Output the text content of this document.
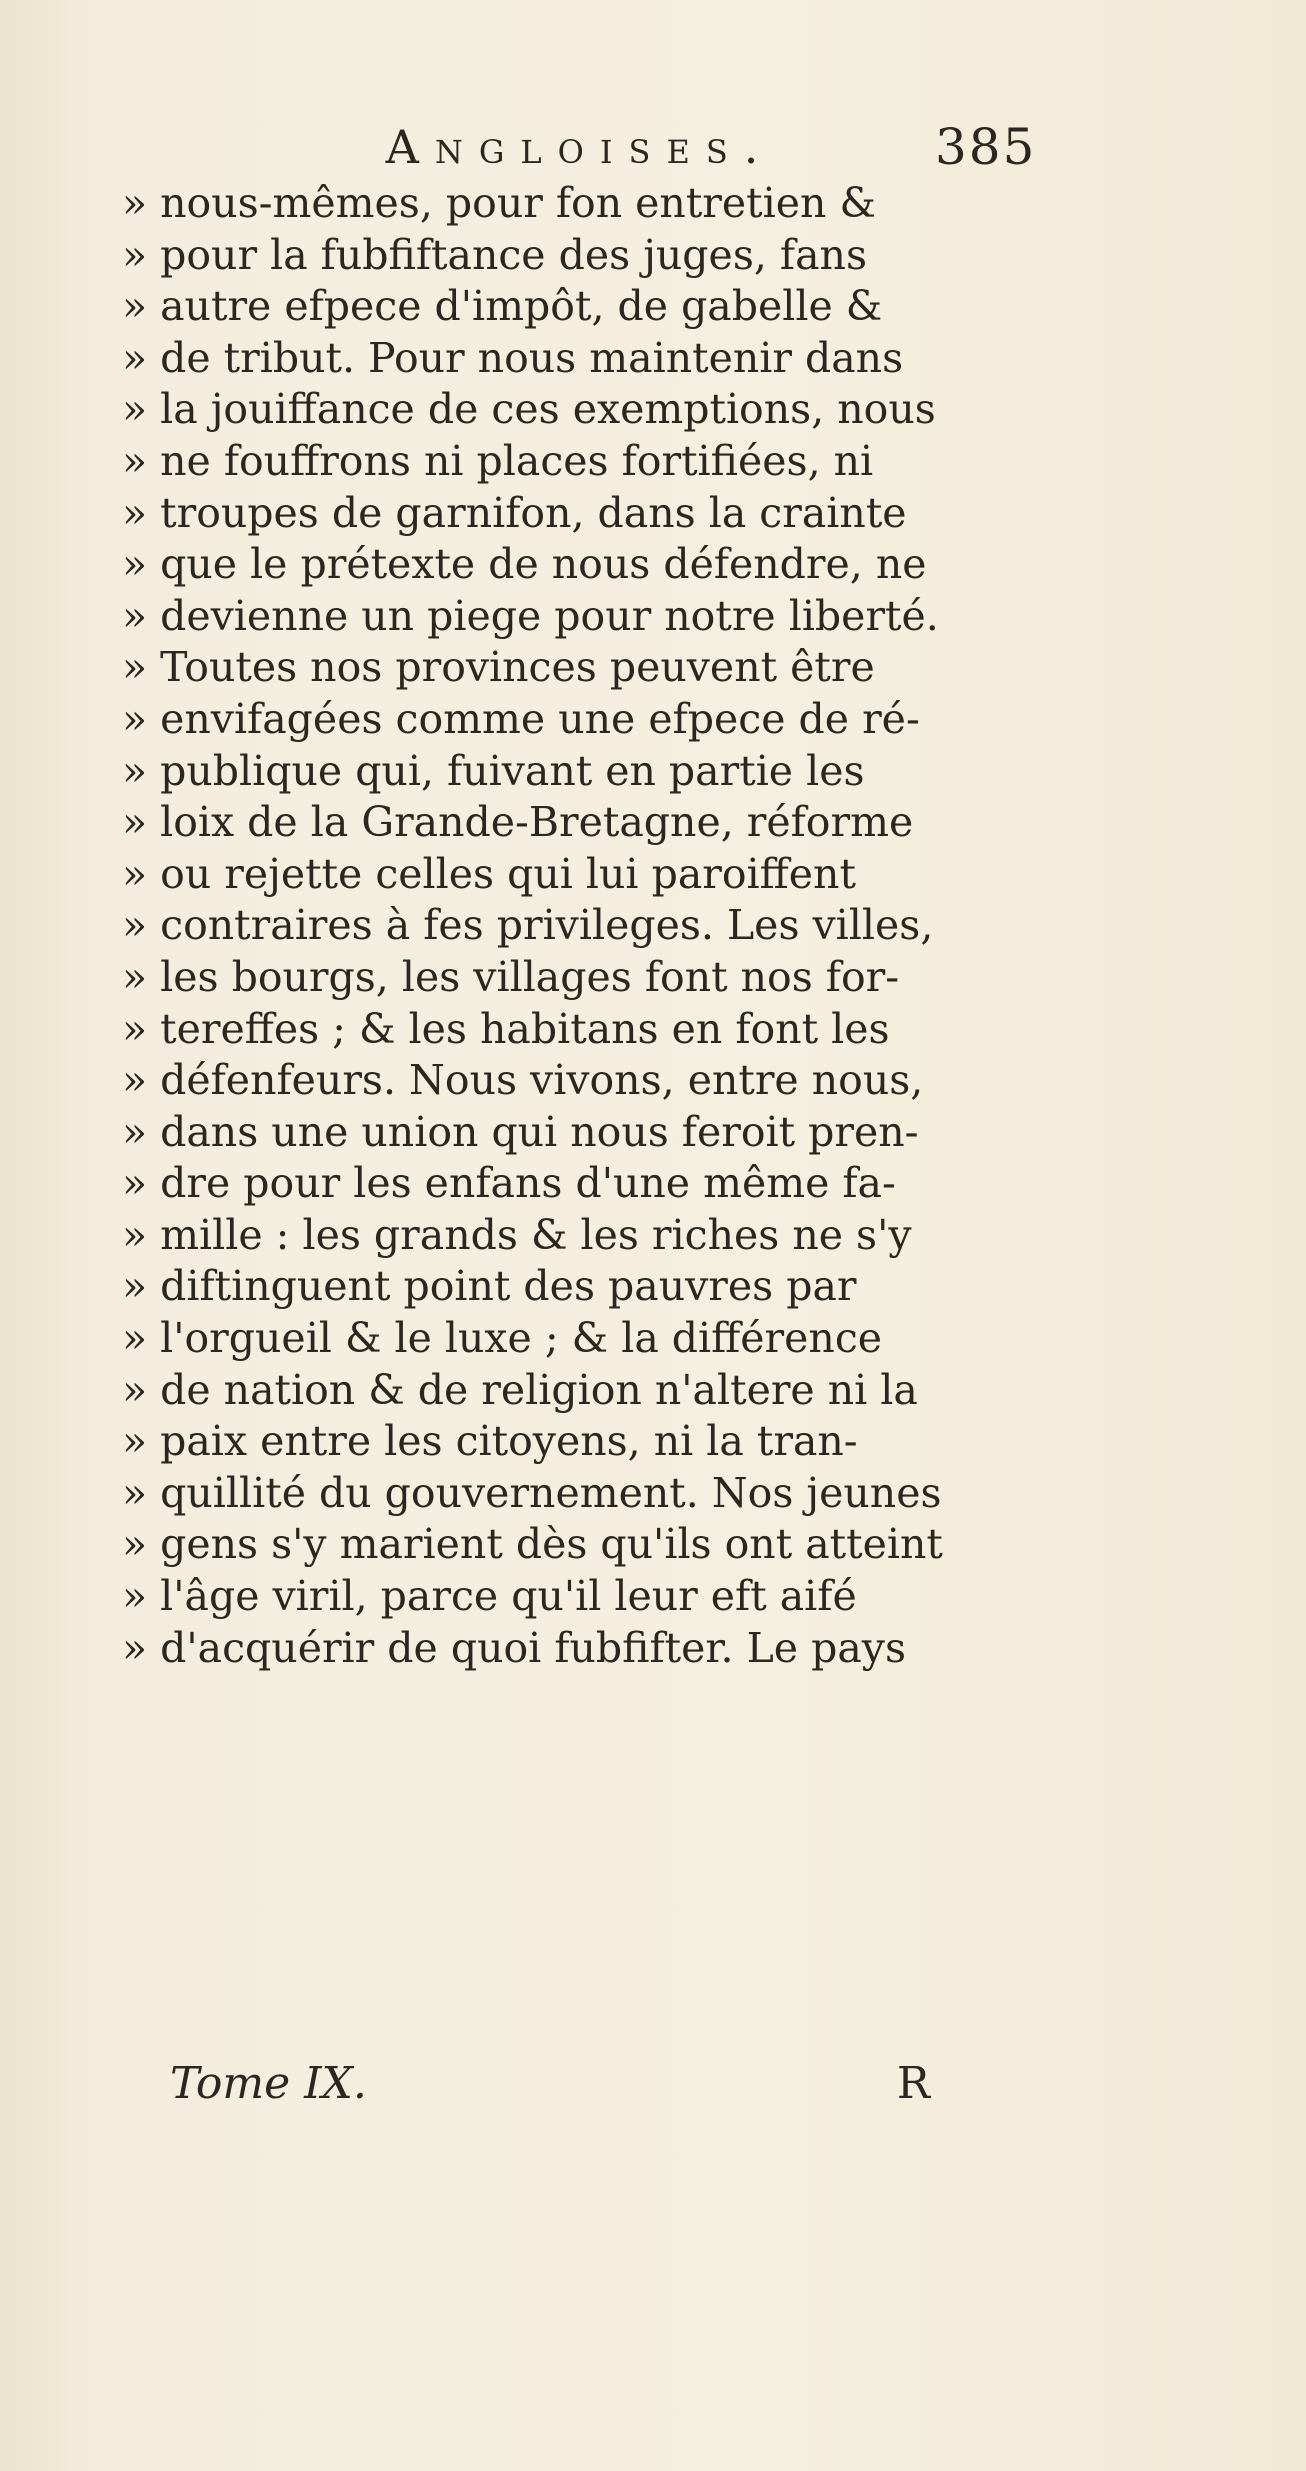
Angloises.	385
» nous-mêmes, pour fon entretien &
» pour la fubfiftance des juges, fans
» autre efpece d'impôt, de gabelle &
» de tribut. Pour nous maintenir dans
» la jouiffance de ces exemptions, nous
» ne fouffrons ni places fortifiées, ni
» troupes de garnifon, dans la crainte
» que le prétexte de nous défendre, ne
» devienne un piege pour notre liberté.
» Toutes nos provinces peuvent être
» envifagées comme une efpece de ré-
» publique qui, fuivant en partie les
» loix de la Grande-Bretagne, réforme
» ou rejette celles qui lui paroiffent
» contraires à fes privileges. Les villes,
» les bourgs, les villages font nos for-
» tereffes ; & les habitans en font les
» défenfeurs. Nous vivons, entre nous,
» dans une union qui nous feroit pren-
» dre pour les enfans d'une même fa-
» mille : les grands & les riches ne s'y
» diftinguent point des pauvres par
» l'orgueil & le luxe ; & la différence
» de nation & de religion n'altere ni la
» paix entre les citoyens, ni la tran-
» quillité du gouvernement. Nos jeunes
» gens s'y marient dès qu'ils ont atteint
» l'âge viril, parce qu'il leur eft aifé
» d'acquérir de quoi fubfifter. Le pays
Tome IX.	R
